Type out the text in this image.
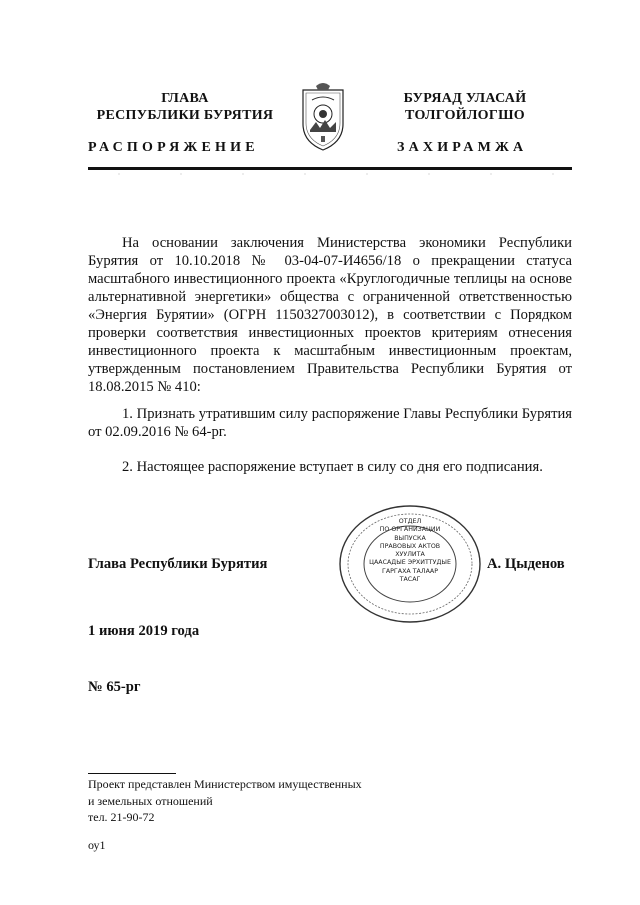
ГЛАВА
РЕСПУБЛИКИ БУРЯТИЯ
РАСПОРЯЖЕНИЕ
БУРЯАД УЛАСАЙ
ТОЛГОЙЛОГШО
ЗАХИРАМЖА
На основании заключения Министерства экономики Республики Бурятия от 10.10.2018 № 03-04-07-И4656/18 о прекращении статуса масштабного инвестиционного проекта «Круглогодичные теплицы на основе альтернативной энергетики» общества с ограниченной ответственностью «Энергия Бурятии» (ОГРН 1150327003012), в соответствии с Порядком проверки соответствия инвестиционных проектов критериям отнесения инвестиционного проекта к масштабным инвестиционным проектам, утвержденным постановлением Правительства Республики Бурятия от 18.08.2015 № 410:
1. Признать утратившим силу распоряжение Главы Республики Бурятия от 02.09.2016 № 64-рг.
2. Настоящее распоряжение вступает в силу со дня его подписания.
Глава Республики Бурятия	А. Цыденов
ОТДЕЛ
ПО ОРГАНИЗАЦИИ
ВЫПУСКА
ПРАВОВЫХ АКТОВ
ХУУЛИТА
ЦААСАДЫЕ ЭРХИТТУДЫЕ
ГАРГАХА ТАЛААР
ТАСАГ
1 июня 2019 года
№ 65-рг
Проект представлен Министерством имущественных
и земельных отношений
тел. 21-90-72
оу1
